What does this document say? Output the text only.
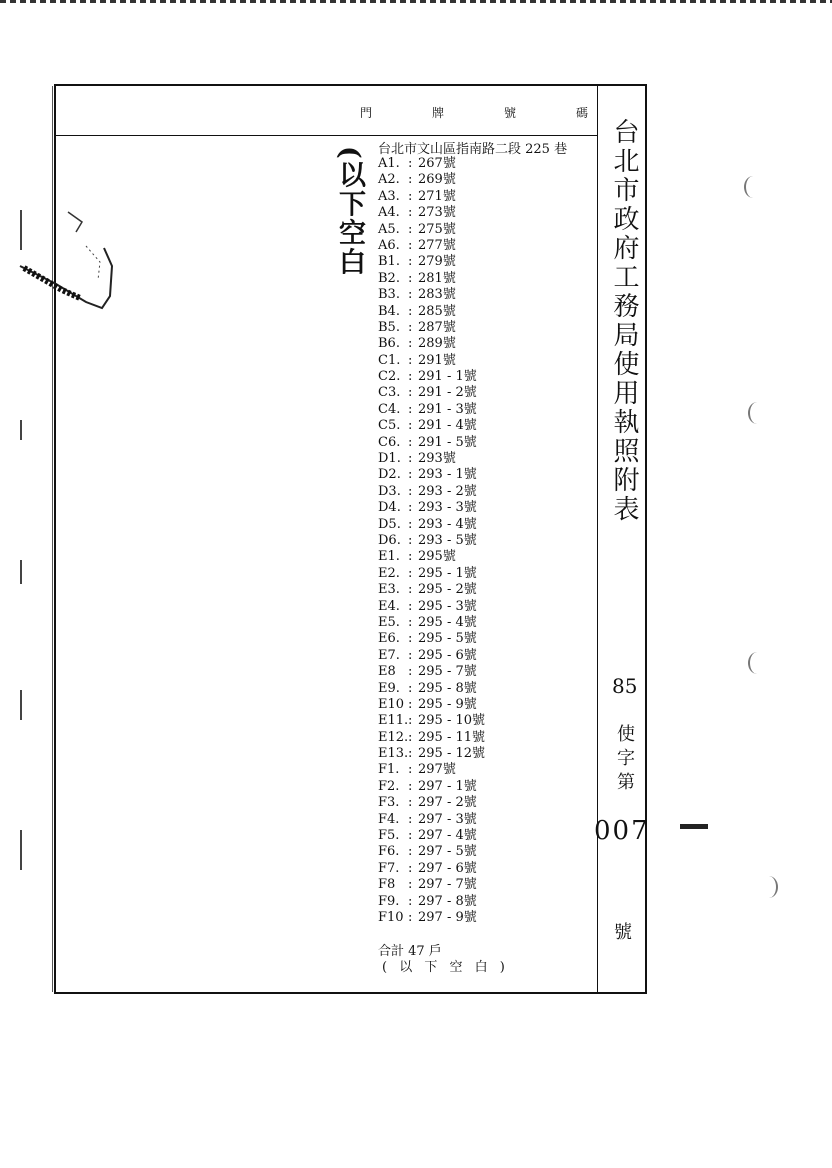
門	牌	號	碼
台北市文山區指南路二段 225 巷
A1. : 267號
A2. : 269號
A3. : 271號
A4. : 273號
A5. : 275號
A6. : 277號
B1. : 279號
B2. : 281號
B3. : 283號
B4. : 285號
B5. : 287號
B6. : 289號
C1. : 291號
C2. : 291 - 1號
C3. : 291 - 2號
C4. : 291 - 3號
C5. : 291 - 4號
C6. : 291 - 5號
D1. : 293號
D2. : 293 - 1號
D3. : 293 - 2號
D4. : 293 - 3號
D5. : 293 - 4號
D6. : 293 - 5號
E1. : 295號
E2. : 295 - 1號
E3. : 295 - 2號
E4. : 295 - 3號
E5. : 295 - 4號
E6. : 295 - 5號
E7. : 295 - 6號
E8 : 295 - 7號
E9. : 295 - 8號
E10 : 295 - 9號
E11.: 295 - 10號
E12.: 295 - 11號
E13.: 295 - 12號
F1. : 297號
F2. : 297 - 1號
F3. : 297 - 2號
F4. : 297 - 3號
F5. : 297 - 4號
F6. : 297 - 5號
F7. : 297 - 6號
F8 : 297 - 7號
F9. : 297 - 8號
F10 : 297 - 9號
合計 47 戶
( 以 下 空 白 )
(以下空白	台北市政府工務局使用執照附表
85
使字第
007
號
